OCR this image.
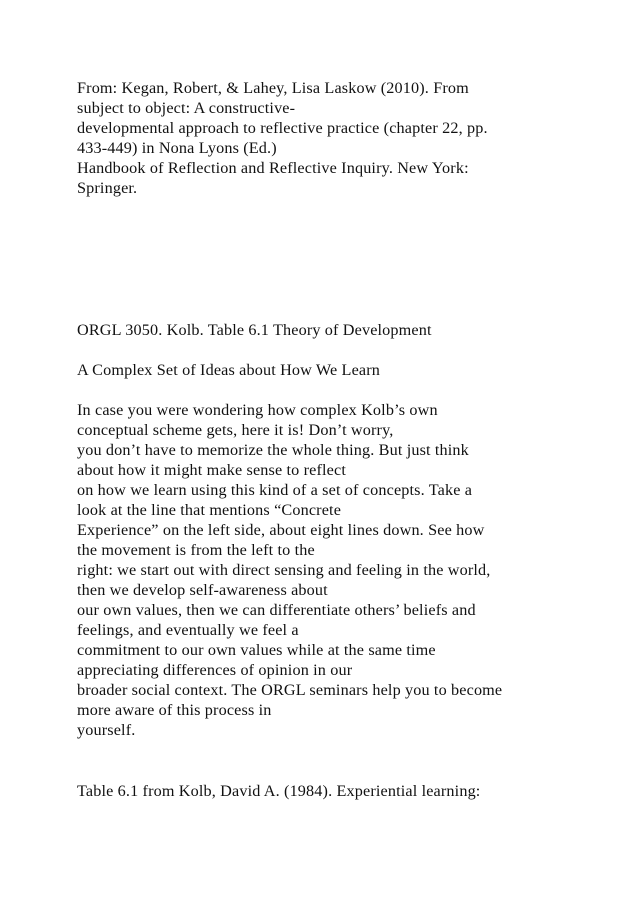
From: Kegan, Robert, & Lahey, Lisa Laskow (2010). From
subject to object: A constructive-
developmental approach to reflective practice (chapter 22, pp.
433-449) in Nona Lyons (Ed.)
Handbook of Reflection and Reflective Inquiry. New York:
Springer.
ORGL 3050. Kolb. Table 6.1 Theory of Development
A Complex Set of Ideas about How We Learn
In case you were wondering how complex Kolb’s own
conceptual scheme gets, here it is! Don’t worry,
you don’t have to memorize the whole thing. But just think
about how it might make sense to reflect
on how we learn using this kind of a set of concepts. Take a
look at the line that mentions “Concrete
Experience” on the left side, about eight lines down. See how
the movement is from the left to the
right: we start out with direct sensing and feeling in the world,
then we develop self-awareness about
our own values, then we can differentiate others’ beliefs and
feelings, and eventually we feel a
commitment to our own values while at the same time
appreciating differences of opinion in our
broader social context. The ORGL seminars help you to become
more aware of this process in
yourself.
Table 6.1 from Kolb, David A. (1984). Experiential learning:
